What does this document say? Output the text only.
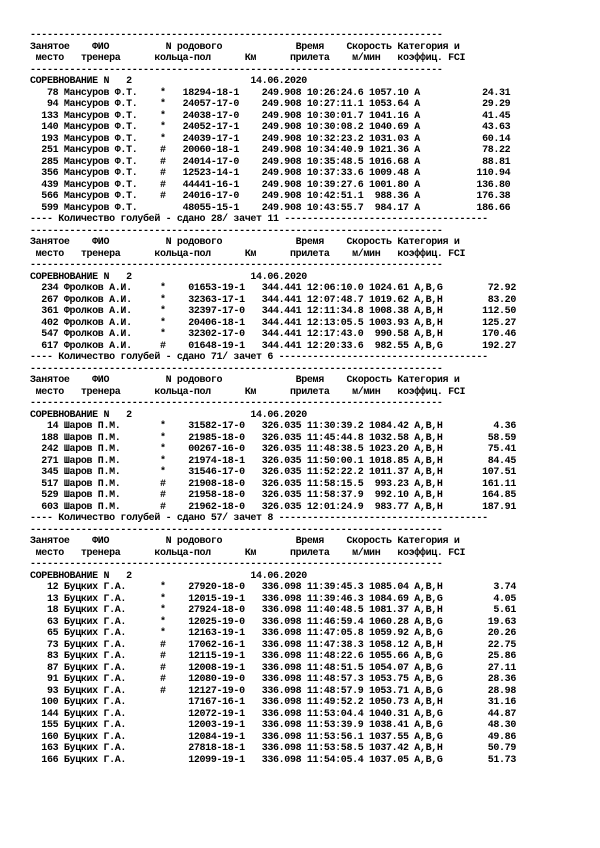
-------------------------------------------------------------------------
Занятое    ФИО          N родового             Время    Скорость Категория и
место   тренера      кольца-пол      Км      прилета    м/мин   коэффиц. FCI
-------------------------------------------------------------------------
СОРЕВНОВАНИЕ N   2                     14.06.2020
78 Мансуров Ф.Т.    *   18294-18-1    249.908 10:26:24.6 1057.10 A           24.31
94 Мансуров Ф.Т.    *   24057-17-0    249.908 10:27:11.1 1053.64 A           29.29
133 Мансуров Ф.Т.    *   24038-17-0    249.908 10:30:01.7 1041.16 A           41.45
140 Мансуров Ф.Т.    *   24052-17-1    249.908 10:30:08.2 1040.69 A           43.63
193 Мансуров Ф.Т.    *   24039-17-1    249.908 10:32:23.2 1031.03 A           60.14
251 Мансуров Ф.Т.    #   20060-18-1    249.908 10:34:40.9 1021.36 A           78.22
285 Мансуров Ф.Т.    #   24014-17-0    249.908 10:35:48.5 1016.68 A           88.81
356 Мансуров Ф.Т.    #   12523-14-1    249.908 10:37:33.6 1009.48 A          110.94
439 Мансуров Ф.Т.    #   44441-16-1    249.908 10:39:27.6 1001.80 A          136.80
566 Мансуров Ф.Т.    #   24016-17-0    249.908 10:42:51.1  988.36 A          176.38
599 Мансуров Ф.Т.        48055-15-1    249.908 10:43:55.7  984.17 A          186.66
---- Количество голубей - сдано 28/ зачет 11 ------------------------------------
-------------------------------------------------------------------------
Занятое    ФИО          N родового             Время    Скорость Категория и
место   тренера      кольца-пол      Км      прилета    м/мин   коэффиц. FCI
-------------------------------------------------------------------------
СОРЕВНОВАНИЕ N   2                     14.06.2020
234 Фролков А.И.     *    01653-19-1   344.441 12:06:10.0 1024.61 A,B,G        72.92
267 Фролков А.И.     *    32363-17-1   344.441 12:07:48.7 1019.62 A,B,H        83.20
361 Фролков А.И.     *    32397-17-0   344.441 12:11:34.8 1008.38 A,B,H       112.50
402 Фролков А.И.     *    20406-18-1   344.441 12:13:05.5 1003.93 A,B,H       125.27
547 Фролков А.И.     *    32302-17-0   344.441 12:17:43.0  990.58 A,B,H       170.46
617 Фролков А.И.     #    01648-19-1   344.441 12:20:33.6  982.55 A,B,G       192.27
---- Количество голубей - сдано 71/ зачет 6 -------------------------------------
-------------------------------------------------------------------------
Занятое    ФИО          N родового             Время    Скорость Категория и
место   тренера      кольца-пол      Км      прилета    м/мин   коэффиц. FCI
-------------------------------------------------------------------------
СОРЕВНОВАНИЕ N   2                     14.06.2020
14 Шаров П.М.       *    31582-17-0   326.035 11:30:39.2 1084.42 A,B,H         4.36
188 Шаров П.М.       *    21985-18-0   326.035 11:45:44.8 1032.58 A,B,H        58.59
242 Шаров П.М.       *    00267-16-0   326.035 11:48:38.5 1023.20 A,B,H        75.41
271 Шаров П.М.       *    21974-18-1   326.035 11:50:00.1 1018.85 A,B,H        84.45
345 Шаров П.М.       *    31546-17-0   326.035 11:52:22.2 1011.37 A,B,H       107.51
517 Шаров П.М.       #    21908-18-0   326.035 11:58:15.5  993.23 A,B,H       161.11
529 Шаров П.М.       #    21958-18-0   326.035 11:58:37.9  992.10 A,B,H       164.85
603 Шаров П.М.       #    21962-18-0   326.035 12:01:24.9  983.77 A,B,H       187.91
---- Количество голубей - сдано 57/ зачет 8 -------------------------------------
-------------------------------------------------------------------------
Занятое    ФИО          N родового             Время    Скорость Категория и
место   тренера      кольца-пол      Км      прилета    м/мин   коэффиц. FCI
-------------------------------------------------------------------------
СОРЕВНОВАНИЕ N   2                     14.06.2020
12 Буцких Г.А.      *    27920-18-0   336.098 11:39:45.3 1085.04 A,B,H         3.74
13 Буцких Г.А.      *    12015-19-1   336.098 11:39:46.3 1084.69 A,B,G         4.05
18 Буцких Г.А.      *    27924-18-0   336.098 11:40:48.5 1081.37 A,B,H         5.61
63 Буцких Г.А.      *    12025-19-0   336.098 11:46:59.4 1060.28 A,B,G        19.63
65 Буцких Г.А.      *    12163-19-1   336.098 11:47:05.8 1059.92 A,B,G        20.26
73 Буцких Г.А.      #    17062-16-1   336.098 11:47:38.3 1058.12 A,B,H        22.75
83 Буцких Г.А.      #    12115-19-1   336.098 11:48:22.6 1055.66 A,B,G        25.86
87 Буцких Г.А.      #    12008-19-1   336.098 11:48:51.5 1054.07 A,B,G        27.11
91 Буцких Г.А.      #    12080-19-0   336.098 11:48:57.3 1053.75 A,B,G        28.36
93 Буцких Г.А.      #    12127-19-0   336.098 11:48:57.9 1053.71 A,B,G        28.98
100 Буцких Г.А.           17167-16-1   336.098 11:49:52.2 1050.73 A,B,H        31.16
144 Буцких Г.А.           12072-19-1   336.098 11:53:04.4 1040.31 A,B,G        44.87
155 Буцких Г.А.           12003-19-1   336.098 11:53:39.9 1038.41 A,B,G        48.30
160 Буцких Г.А.           12084-19-1   336.098 11:53:56.1 1037.55 A,B,G        49.86
163 Буцких Г.А.           27818-18-1   336.098 11:53:58.5 1037.42 A,B,H        50.79
166 Буцких Г.А.           12099-19-1   336.098 11:54:05.4 1037.05 A,B,G        51.73
